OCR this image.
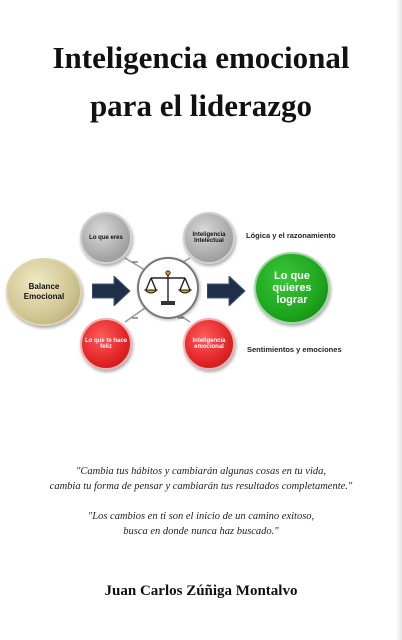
Inteligencia emocional
para el liderazgo
Balance Emocional
Lo que eres	Inteligencia Intelectual
Lo que te hace feliz
Inteligencia emocional
Lo que quieres lograr
Lógica y el razonamiento
Sentimientos y emociones
"Cambia tus hábitos y cambiarán algunas cosas en tu vida,
cambia tu forma de pensar y cambiarán tus resultados completamente."
"Los cambios en ti son el inicio de un camino exitoso,
busca en donde nunca haz buscado."
Juan Carlos Zúñiga Montalvo
